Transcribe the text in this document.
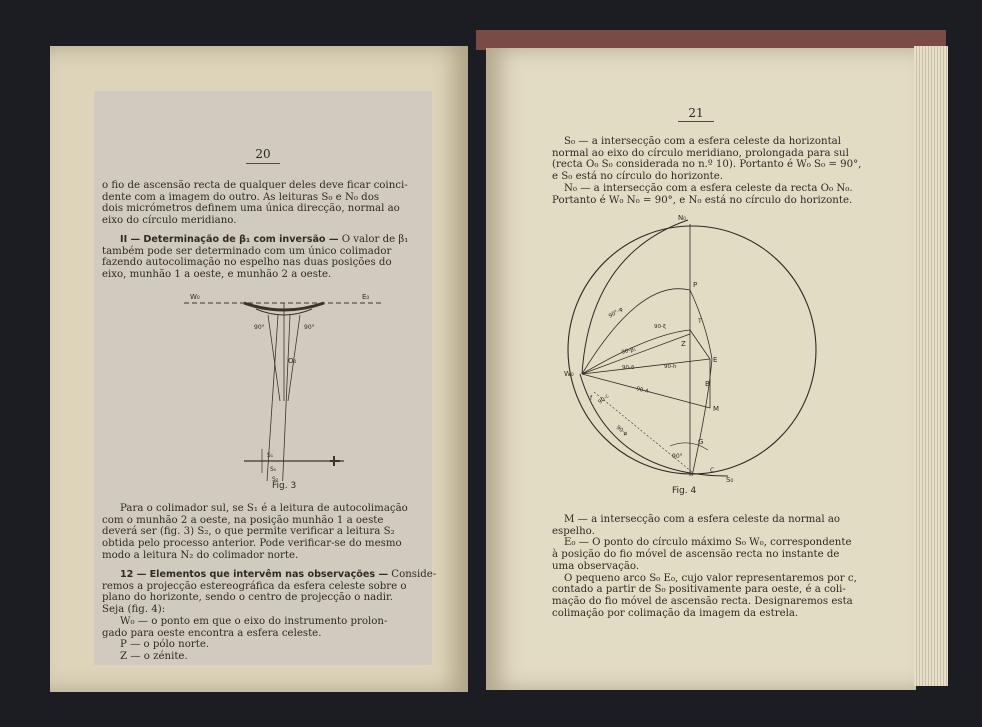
20

o fio de ascensão recta de qualquer deles deve ficar coinci-
dente com a imagem do outro. As leituras S₀ e N₀ dos
dois micrómetros definem uma única direcção, normal ao
eixo do círculo meridiano.

II — Determinação de β₁ com inversão — O valor de β₁
também pode ser determinado com um único colimador
fazendo autocolimação no espelho nas duas posições do
eixo, munhão 1 a oeste, e munhão 2 a oeste.

W₀	E₀
90°	90°
O₀
S₁
S₀
S₂
Fig. 3

Para o colimador sul, se S₁ é a leitura de autocolimação
com o munhão 2 a oeste, na posição munhão 1 a oeste
deverá ser (fig. 3) S₂, o que permite verificar a leitura S₂
obtida pelo processo anterior. Pode verificar-se do mesmo
modo a leitura N₂ do colimador norte.

12 — Elementos que intervêm nas observações — Conside-
remos a projecção estereográfica da esfera celeste sobre o
plano do horizonte, sendo o centro de projecção o nadir.
Seja (fig. 4):
W₀ — o ponto em que o eixo do instrumento prolon-
gado para oeste encontra a esfera celeste.
P — o pólo norte.
Z — o zénite.

21

S₀ — a intersecção com a esfera celeste da horizontal
normal ao eixo do círculo meridiano, prolongada para sul
(recta O₀ S₀ considerada no n.º 10). Portanto é W₀ S₀ = 90°,
e S₀ está no círculo do horizonte.
N₀ — a intersecção com a esfera celeste da recta O₀ N₀.
Portanto é W₀ N₀ = 90°, e N₀ está no círculo do horizonte.

N₀
W₀
S₀
P
T
Z
E
B
M
G
C
f
90°
90°-φ
90-ξ
90-β₁
90-δ	90-h
90-A
90-c
90-φ
Fig. 4

M — a intersecção com a esfera celeste da normal ao
espelho.
E₀ — O ponto do círculo máximo S₀ W₀, correspondente
à posição do fio móvel de ascensão recta no instante de
uma observação.
O pequeno arco S₀ E₀, cujo valor representaremos por c,
contado a partir de S₀ positivamente para oeste, é a coli-
mação do fio móvel de ascensão recta. Designaremos esta
colimação por colimação da imagem da estrela.
